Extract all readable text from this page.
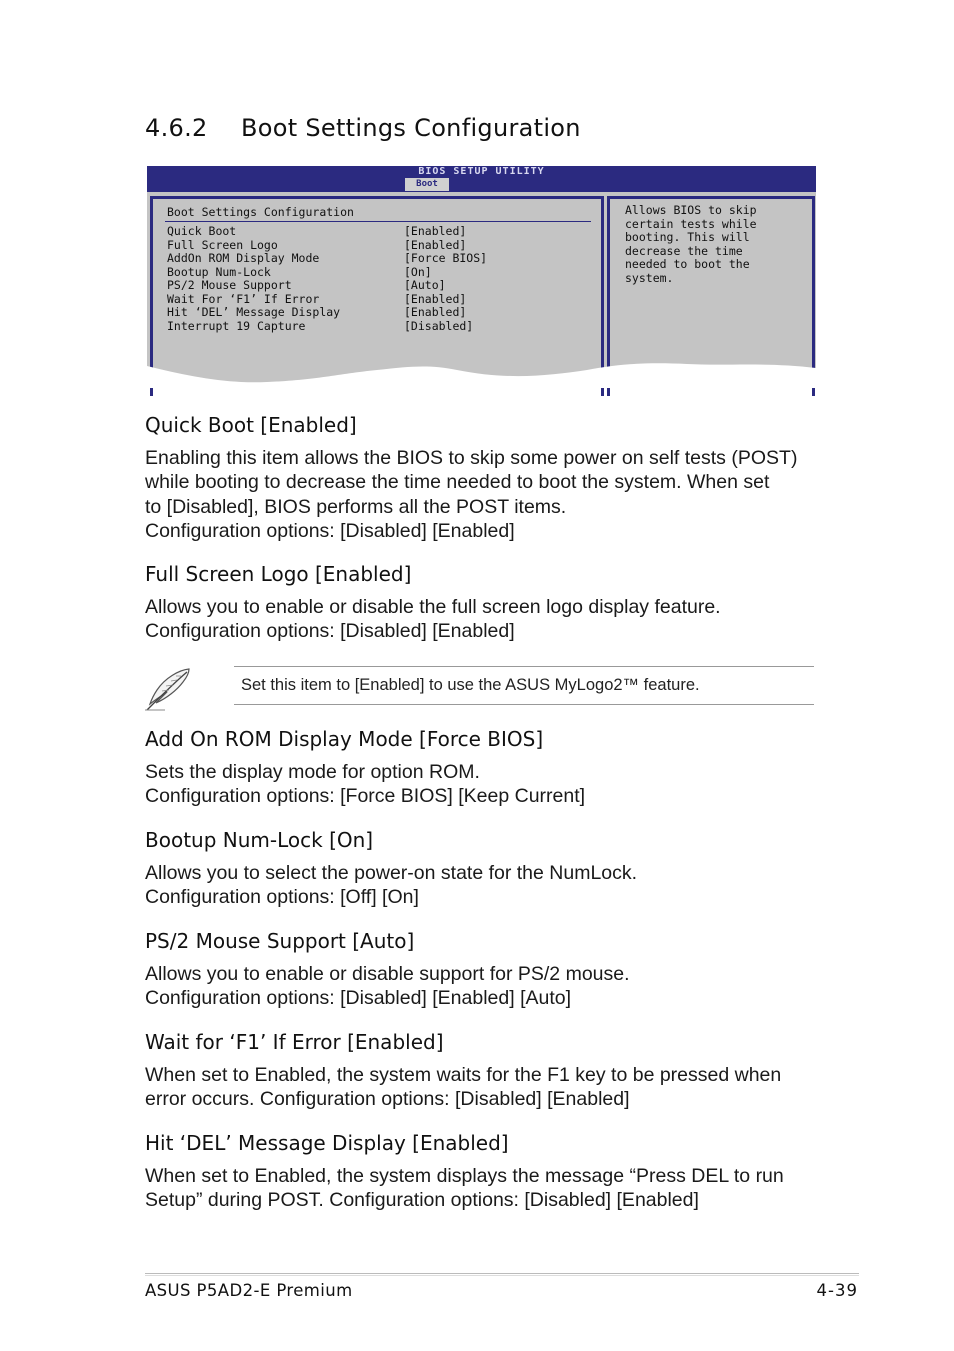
4.6.2 Boot Settings Configuration
BIOS SETUP UTILITY
Boot
Boot Settings Configuration
Quick Boot	[Enabled]
Full Screen Logo	[Enabled]
AddOn ROM Display Mode	[Force BIOS]
Bootup Num-Lock	[On]
PS/2 Mouse Support	[Auto]
Wait For ‘F1’ If Error	[Enabled]
Hit ‘DEL’ Message Display	[Enabled]
Interrupt 19 Capture	[Disabled]
Allows BIOS to skip
certain tests while
booting. This will
decrease the time
needed to boot the
system.
Quick Boot [Enabled]
Enabling this item allows the BIOS to skip some power on self tests (POST)
while booting to decrease the time needed to boot the system. When set
to [Disabled], BIOS performs all the POST items.
Configuration options: [Disabled] [Enabled]
Full Screen Logo [Enabled]
Allows you to enable or disable the full screen logo display feature.
Configuration options: [Disabled] [Enabled]
Set this item to [Enabled] to use the ASUS MyLogo2™ feature.
Add On ROM Display Mode [Force BIOS]
Sets the display mode for option ROM.
Configuration options: [Force BIOS] [Keep Current]
Bootup Num-Lock [On]
Allows you to select the power-on state for the NumLock.
Configuration options: [Off] [On]
PS/2 Mouse Support [Auto]
Allows you to enable or disable support for PS/2 mouse.
Configuration options: [Disabled] [Enabled] [Auto]
Wait for ‘F1’ If Error [Enabled]
When set to Enabled, the system waits for the F1 key to be pressed when
error occurs. Configuration options: [Disabled] [Enabled]
Hit ‘DEL’ Message Display [Enabled]
When set to Enabled, the system displays the message “Press DEL to run
Setup” during POST. Configuration options: [Disabled] [Enabled]
ASUS P5AD2-E Premium	4-39
